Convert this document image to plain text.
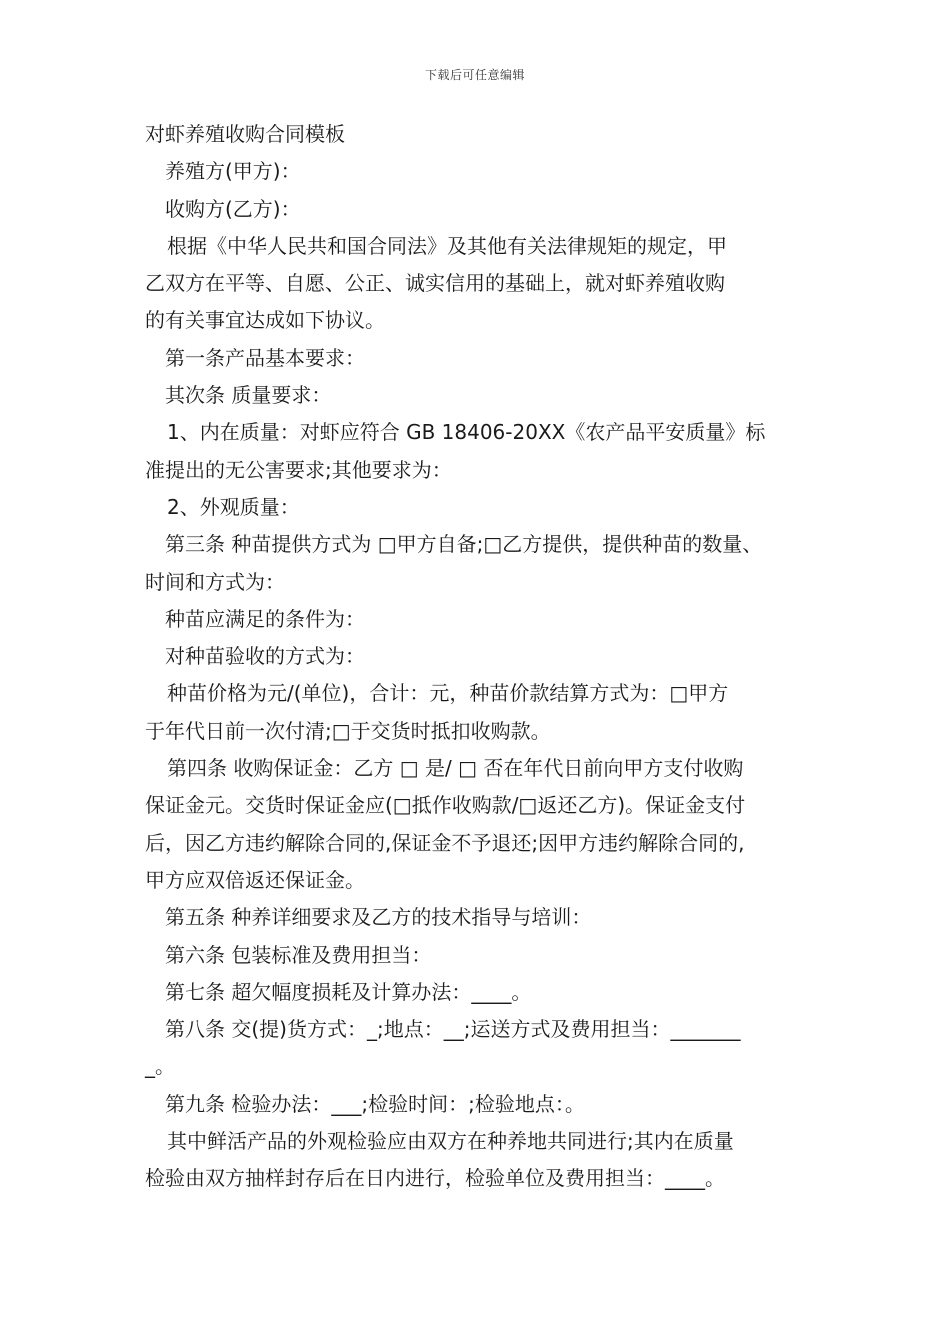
下载后可任意编辑
对虾养殖收购合同模板
养殖方(甲方)：
收购方(乙方)：
根据《中华人民共和国合同法》及其他有关法律规矩的规定，甲
乙双方在平等、自愿、公正、诚实信用的基础上，就对虾养殖收购
的有关事宜达成如下协议。
第一条产品基本要求：
其次条 质量要求：
1、内在质量：对虾应符合 GB 18406-20XX《农产品平安质量》标
准提出的无公害要求;其他要求为：
2、外观质量：
第三条 种苗提供方式为 □甲方自备;□乙方提供，提供种苗的数量、
时间和方式为：
种苗应满足的条件为：
对种苗验收的方式为：
种苗价格为元/(单位)，合计：元，种苗价款结算方式为：□甲方
于年代日前一次付清;□于交货时抵扣收购款。
第四条 收购保证金：乙方 □ 是/ □ 否在年代日前向甲方支付收购
保证金元。交货时保证金应(□抵作收购款/□返还乙方)。保证金支付
后，因乙方违约解除合同的,保证金不予退还;因甲方违约解除合同的,
甲方应双倍返还保证金。
第五条 种养详细要求及乙方的技术指导与培训：
第六条 包装标准及费用担当：
第七条 超欠幅度损耗及计算办法：____。
第八条 交(提)货方式：_;地点：__;运送方式及费用担当：_______
_。
第九条 检验办法：___;检验时间：;检验地点：。
其中鲜活产品的外观检验应由双方在种养地共同进行;其内在质量
检验由双方抽样封存后在日内进行，检验单位及费用担当：____。
